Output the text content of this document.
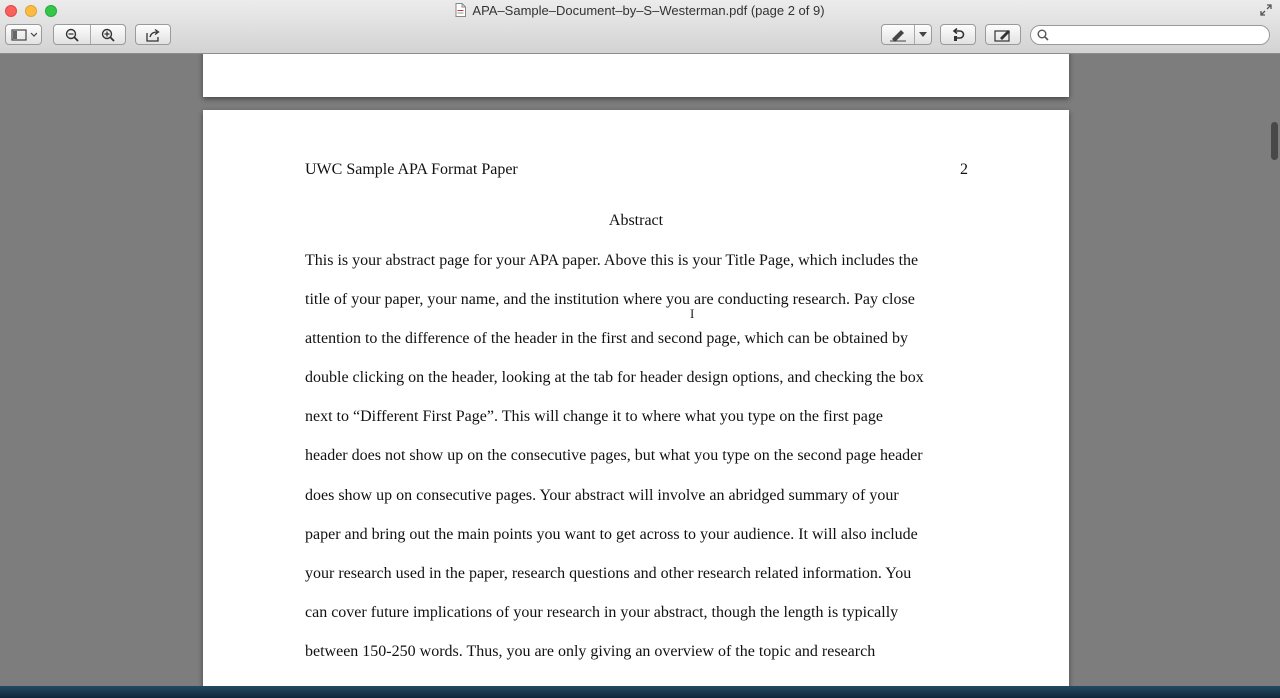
APA–Sample–Document–by–S–Westerman.pdf (page 2 of 9)
UWC Sample APA Format Paper	2
Abstract
This is your abstract page for your APA paper. Above this is your Title Page, which includes the
title of your paper, your name, and the institution where you are conducting research. Pay close
attention to the difference of the header in the first and second page, which can be obtained by
double clicking on the header, looking at the tab for header design options, and checking the box
next to “Different First Page”. This will change it to where what you type on the first page
header does not show up on the consecutive pages, but what you type on the second page header
does show up on consecutive pages. Your abstract will involve an abridged summary of your
paper and bring out the main points you want to get across to your audience. It will also include
your research used in the paper, research questions and other research related information. You
can cover future implications of your research in your abstract, though the length is typically
between 150-250 words. Thus, you are only giving an overview of the topic and research
I
